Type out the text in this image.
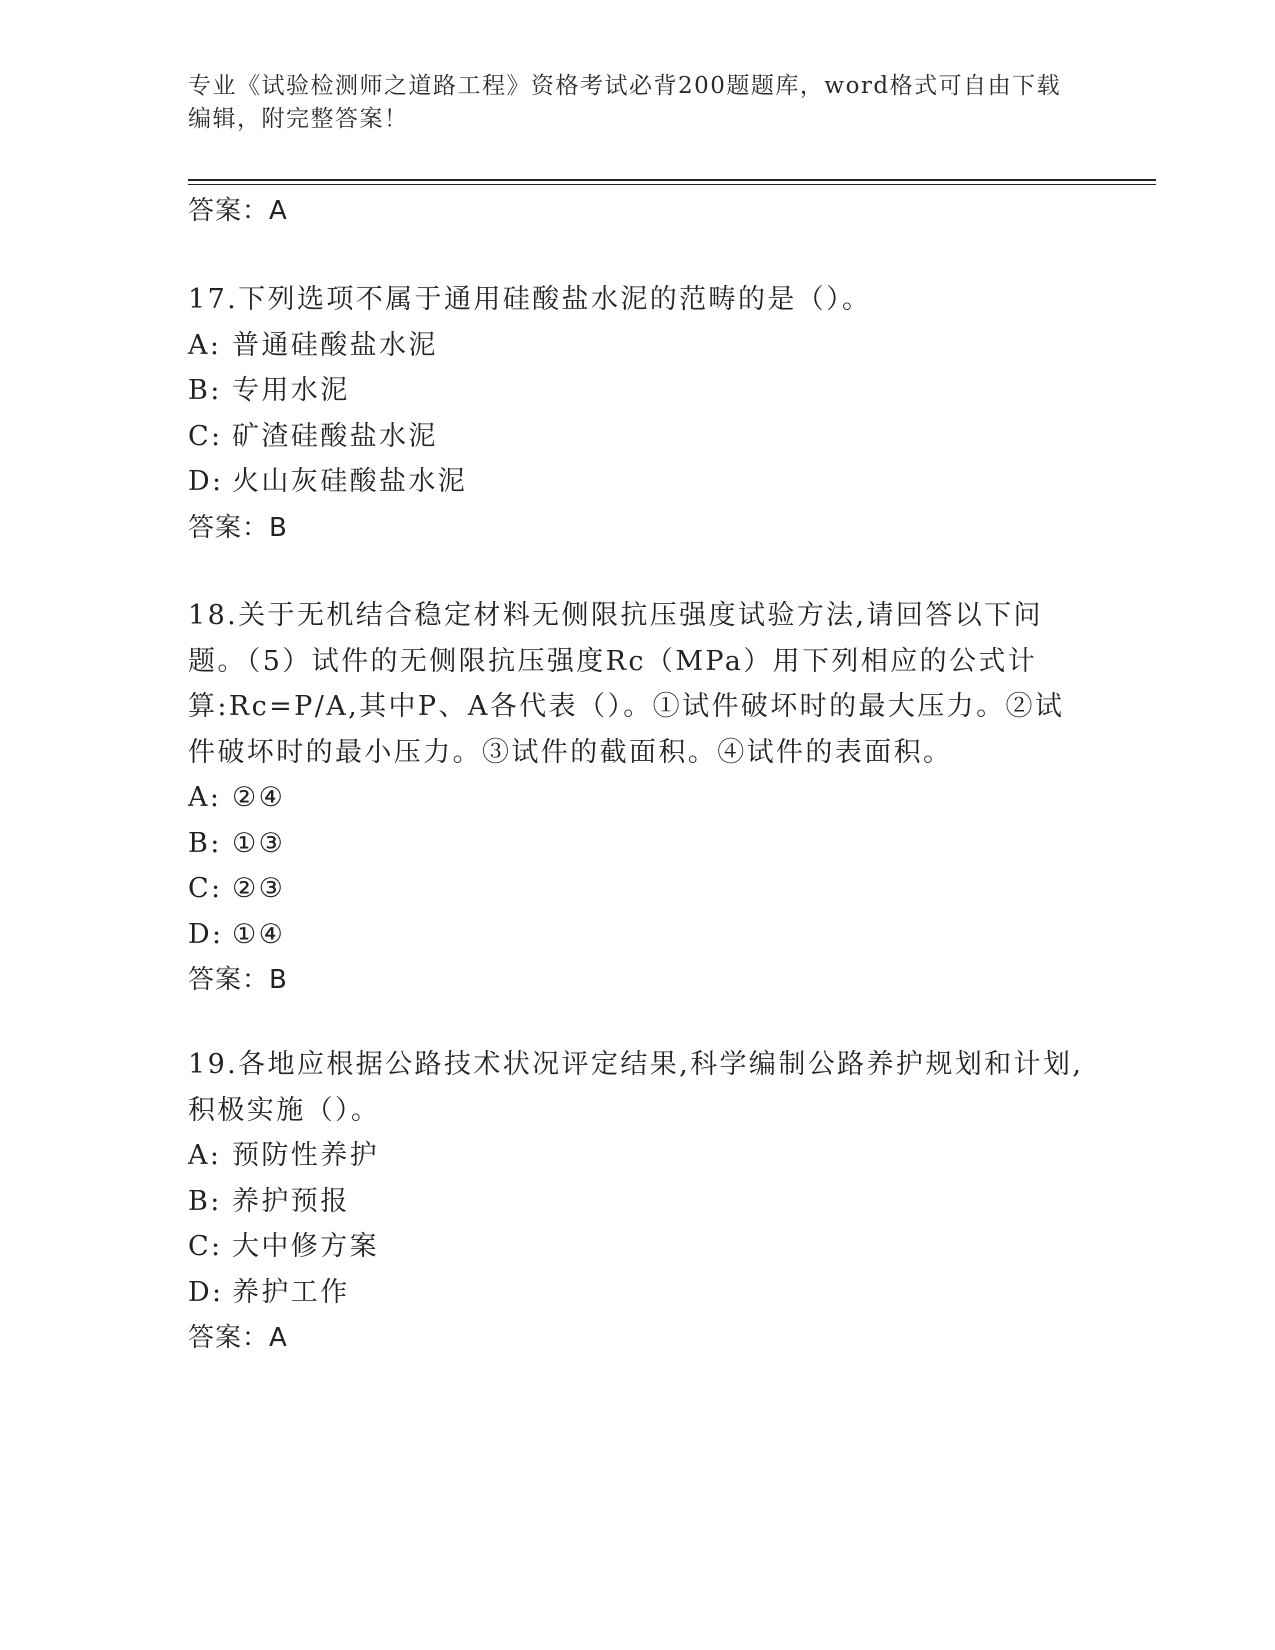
专业《试验检测师之道路工程》资格考试必背200题题库，word格式可自由下载编辑，附完整答案！
答案：A

17.下列选项不属于通用硅酸盐水泥的范畴的是（）。

A: 普通硅酸盐水泥

B: 专用水泥

C: 矿渣硅酸盐水泥

D: 火山灰硅酸盐水泥

答案：B

18.关于无机结合稳定材料无侧限抗压强度试验方法,请回答以下问题。（5）试件的无侧限抗压强度Rc（MPa）用下列相应的公式计算:Rc=P/A,其中P、A各代表（）。①试件破坏时的最大压力。②试件破坏时的最小压力。③试件的截面积。④试件的表面积。

A: ②④

B: ①③

C: ②③

D: ①④

答案：B

19.各地应根据公路技术状况评定结果,科学编制公路养护规划和计划,积极实施（）。

A: 预防性养护

B: 养护预报

C: 大中修方案

D: 养护工作

答案：A
